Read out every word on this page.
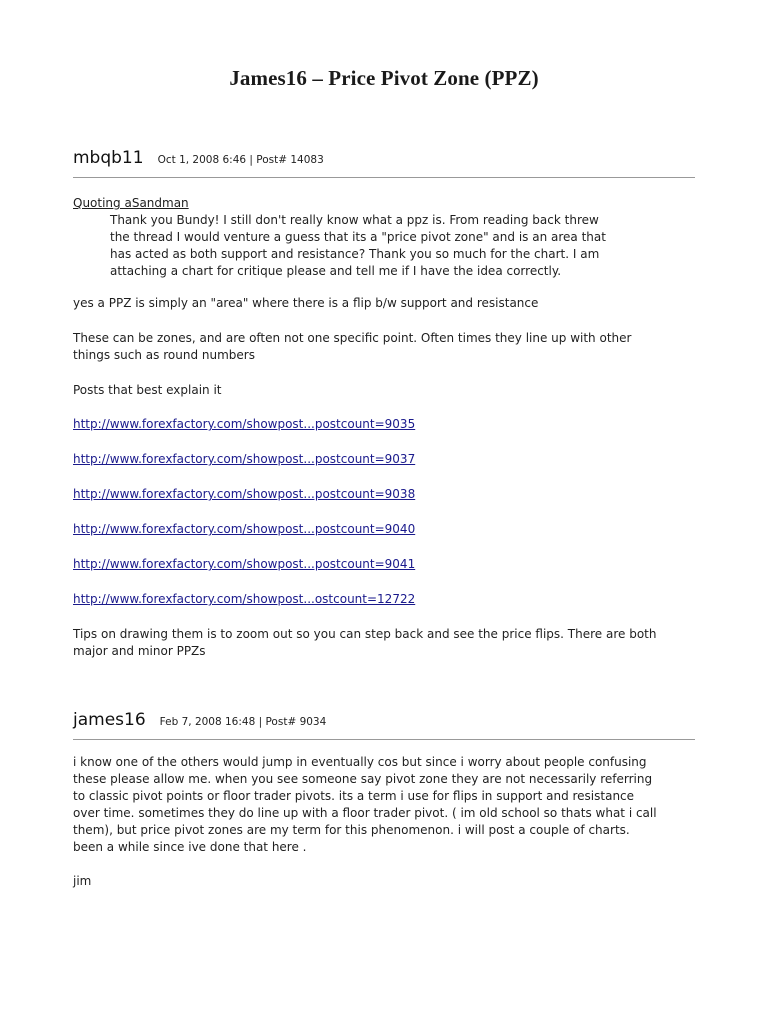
James16 – Price Pivot Zone (PPZ)
mbqb11 Oct 1, 2008 6:46 | Post# 14083

Quoting aSandman

Thank you Bundy! I still don't really know what a ppz is. From reading back threw

the thread I would venture a guess that its a "price pivot zone" and is an area that

has acted as both support and resistance? Thank you so much for the chart. I am

attaching a chart for critique please and tell me if I have the idea correctly.

yes a PPZ is simply an "area" where there is a flip b/w support and resistance

These can be zones, and are often not one specific point. Often times they line up with other

things such as round numbers

Posts that best explain it

http://www.forexfactory.com/showpost...postcount=9035

http://www.forexfactory.com/showpost...postcount=9037

http://www.forexfactory.com/showpost...postcount=9038

http://www.forexfactory.com/showpost...postcount=9040

http://www.forexfactory.com/showpost...postcount=9041

http://www.forexfactory.com/showpost...ostcount=12722

Tips on drawing them is to zoom out so you can step back and see the price flips. There are both

major and minor PPZs

james16 Feb 7, 2008 16:48 | Post# 9034

i know one of the others would jump in eventually cos but since i worry about people confusing

these please allow me. when you see someone say pivot zone they are not necessarily referring

to classic pivot points or floor trader pivots. its a term i use for flips in support and resistance

over time. sometimes they do line up with a floor trader pivot. ( im old school so thats what i call

them), but price pivot zones are my term for this phenomenon. i will post a couple of charts.

been a while since ive done that here .

jim
